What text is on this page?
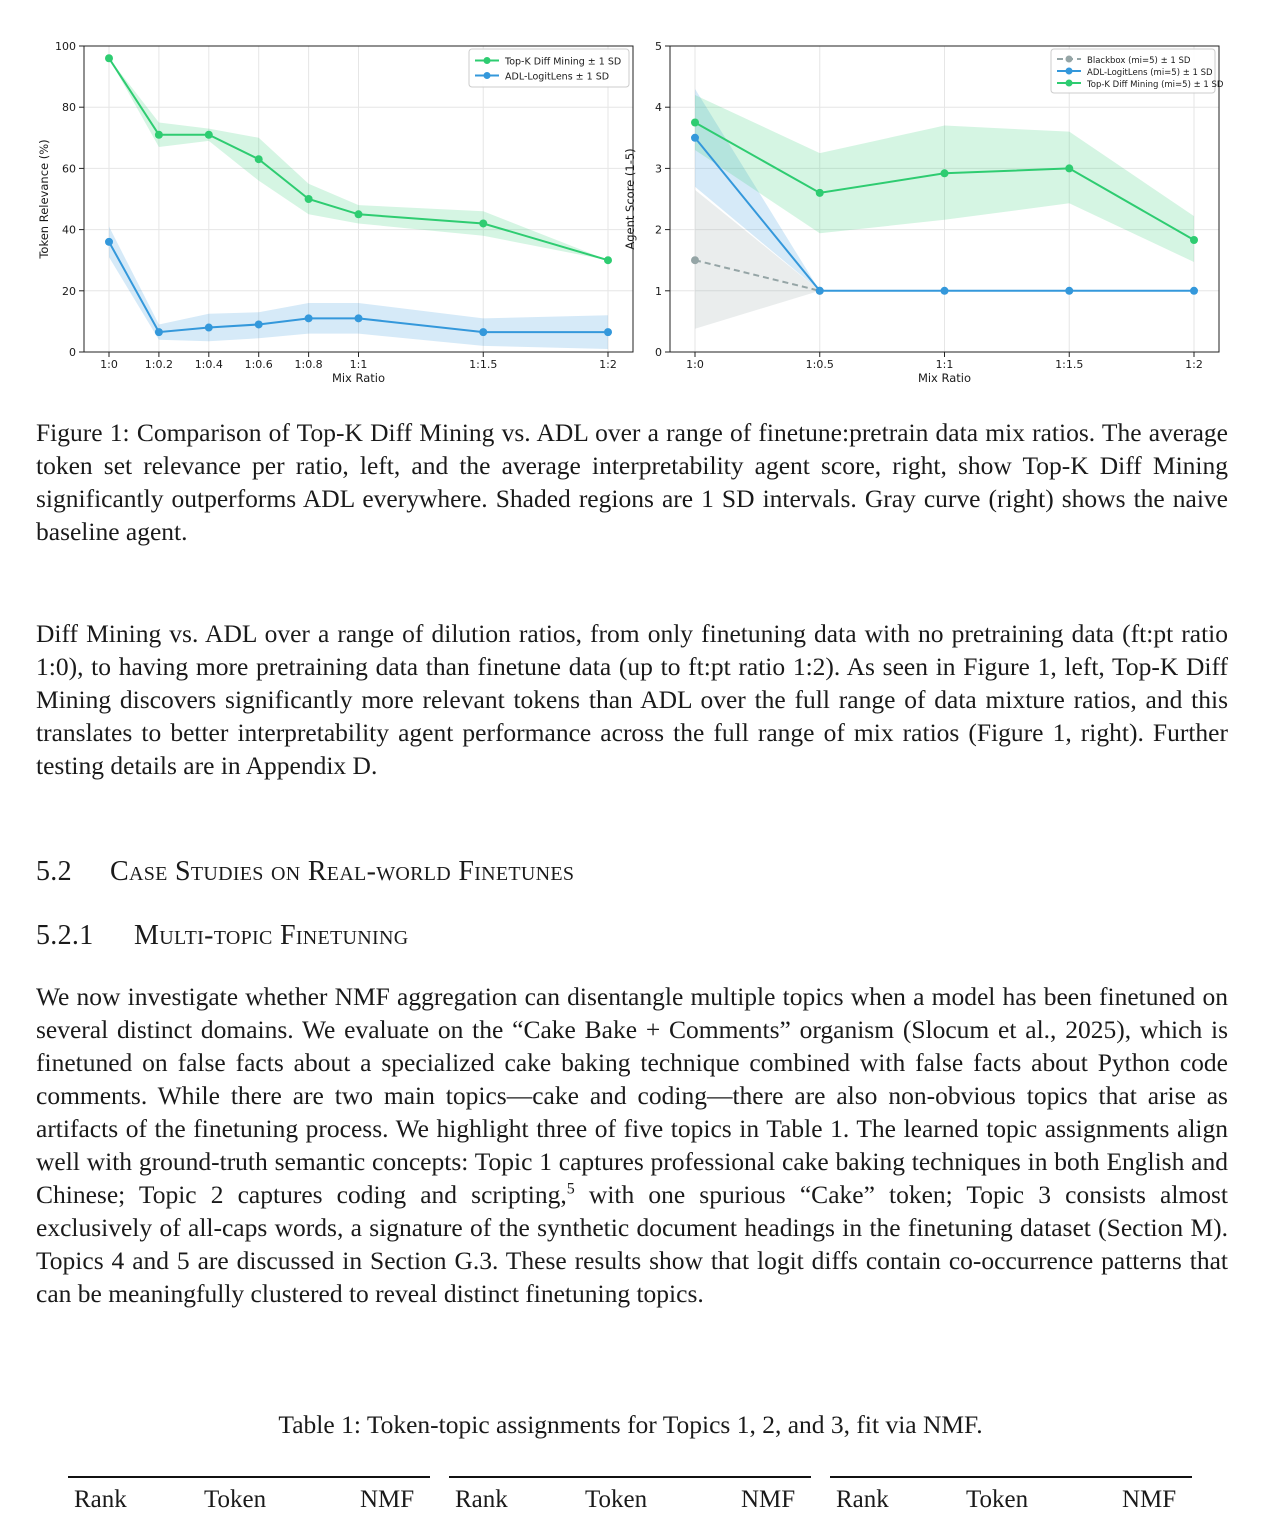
0
20
40
60
80
100
1:0 1:0.2 1:0.4 1:0.6 1:0.8 1:1	1:1.5	1:2
Mix Ratio
Token Relevance (%)
Top-K Diff Mining ± 1 SD
ADL-LogitLens ± 1 SD
0
1
2
3
4
5
1:0	1:0.5	1:1	1:1.5	1:2
Mix Ratio
Agent Score (1-5)
Blackbox (mi=5) ± 1 SD
ADL-LogitLens (mi=5) ± 1 SD
Top-K Diff Mining (mi=5) ± 1 SD

Figure 1: Comparison of Top-K Diff Mining vs. ADL over a range of finetune:pretrain data mix ratios. The average token set relevance per ratio, left, and the average interpretability agent score, right, show Top-K Diff Mining significantly outperforms ADL everywhere. Shaded regions are 1 SD intervals. Gray curve (right) shows the naive baseline agent.

Diff Mining vs. ADL over a range of dilution ratios, from only finetuning data with no pretraining data (ft:pt ratio 1:0), to having more pretraining data than finetune data (up to ft:pt ratio 1:2). As seen in Figure 1, left, Top-K Diff Mining discovers significantly more relevant tokens than ADL over the full range of data mixture ratios, and this translates to better interpretability agent performance across the full range of mix ratios (Figure 1, right). Further testing details are in Appendix D.

5.2 Case Studies on Real-world Finetunes
5.2.1 Multi-topic Finetuning

We now investigate whether NMF aggregation can disentangle multiple topics when a model has been finetuned on several distinct domains. We evaluate on the “Cake Bake + Comments” organism (Slocum et al., 2025), which is finetuned on false facts about a specialized cake baking technique combined with false facts about Python code comments. While there are two main topics—cake and coding—there are also non-obvious topics that arise as artifacts of the finetuning process. We highlight three of five topics in Table 1. The learned topic assignments align well with ground-truth semantic concepts: Topic 1 captures professional cake baking techniques in both English and Chinese; Topic 2 captures coding and scripting,$^5$ with one spurious “Cake” token; Topic 3 consists almost exclusively of all-caps words, a signature of the synthetic document headings in the finetuning dataset (Section M). Topics 4 and 5 are discussed in Section G.3. These results show that logit diffs contain co-occurrence patterns that can be meaningfully clustered to reveal distinct finetuning topics.

Table 1: Token-topic assignments for Topics 1, 2, and 3, fit via NMF.

Rank	Token	NMF Rank	Token	NMF Rank	Token	NMF
